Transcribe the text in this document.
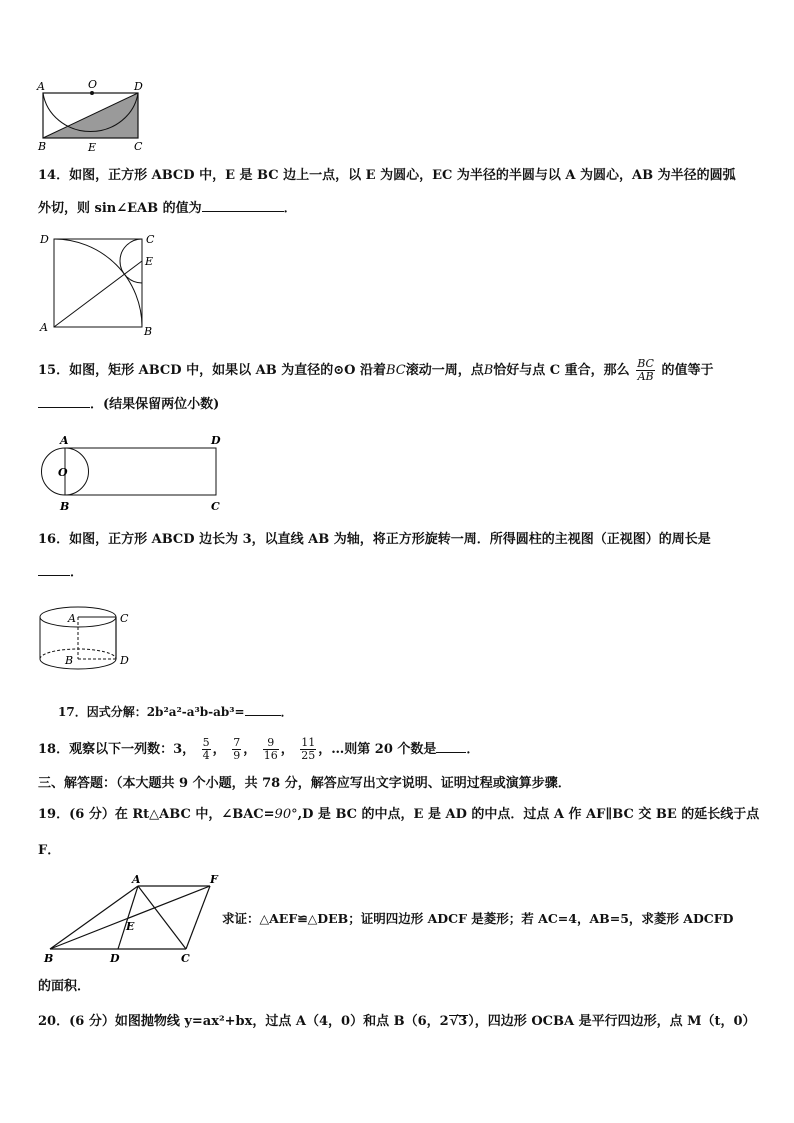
A	O	D
B	E	C
14．如图，正方形 ABCD 中，E 是 BC 边上一点，以 E 为圆心，EC 为半径的半圆与以 A 为圆心，AB 为半径的圆弧
外切，则 sin∠EAB 的值为	．
D	C
E
A	B
15．如图，矩形 ABCD 中，如果以 AB 为直径的⊙O 沿着BC滚动一周，点B恰好与点 C 重合，那么 $\frac{BC}{AB}$ 的值等于
．(结果保留两位小数)
A	D
O
B	C
16．如图，正方形 ABCD 边长为 3，以直线 AB 为轴，将正方形旋转一周．所得圆柱的主视图（正视图）的周长是
．
A	C
B	D
17．因式分解：2b²a²-a³b-ab³=	．
18．观察以下一列数：3， $\frac{5}{4}$ ， $\frac{7}{9}$ ， $\frac{9}{16}$ ， $\frac{11}{25}$ ，…则第 20 个数是 ．
三、解答题：（本大题共 9 个小题，共 78 分，解答应写出文字说明、证明过程或演算步骤．
19．(6 分）在 Rt△ABC 中，∠BAC=90°,D 是 BC 的中点，E 是 AD 的中点．过点 A 作 AF∥BC 交 BE 的延长线于点
F．
A	F
E
B	D	C
求证：△AEF≌△DEB；证明四边形 ADCF 是菱形；若 AC=4，AB=5，求菱形 ADCFD
的面积．
20．(6 分）如图抛物线 y=ax²+bx，过点 A（4，0）和点 B（6，2√3），四边形 OCBA 是平行四边形，点 M（t，0）
